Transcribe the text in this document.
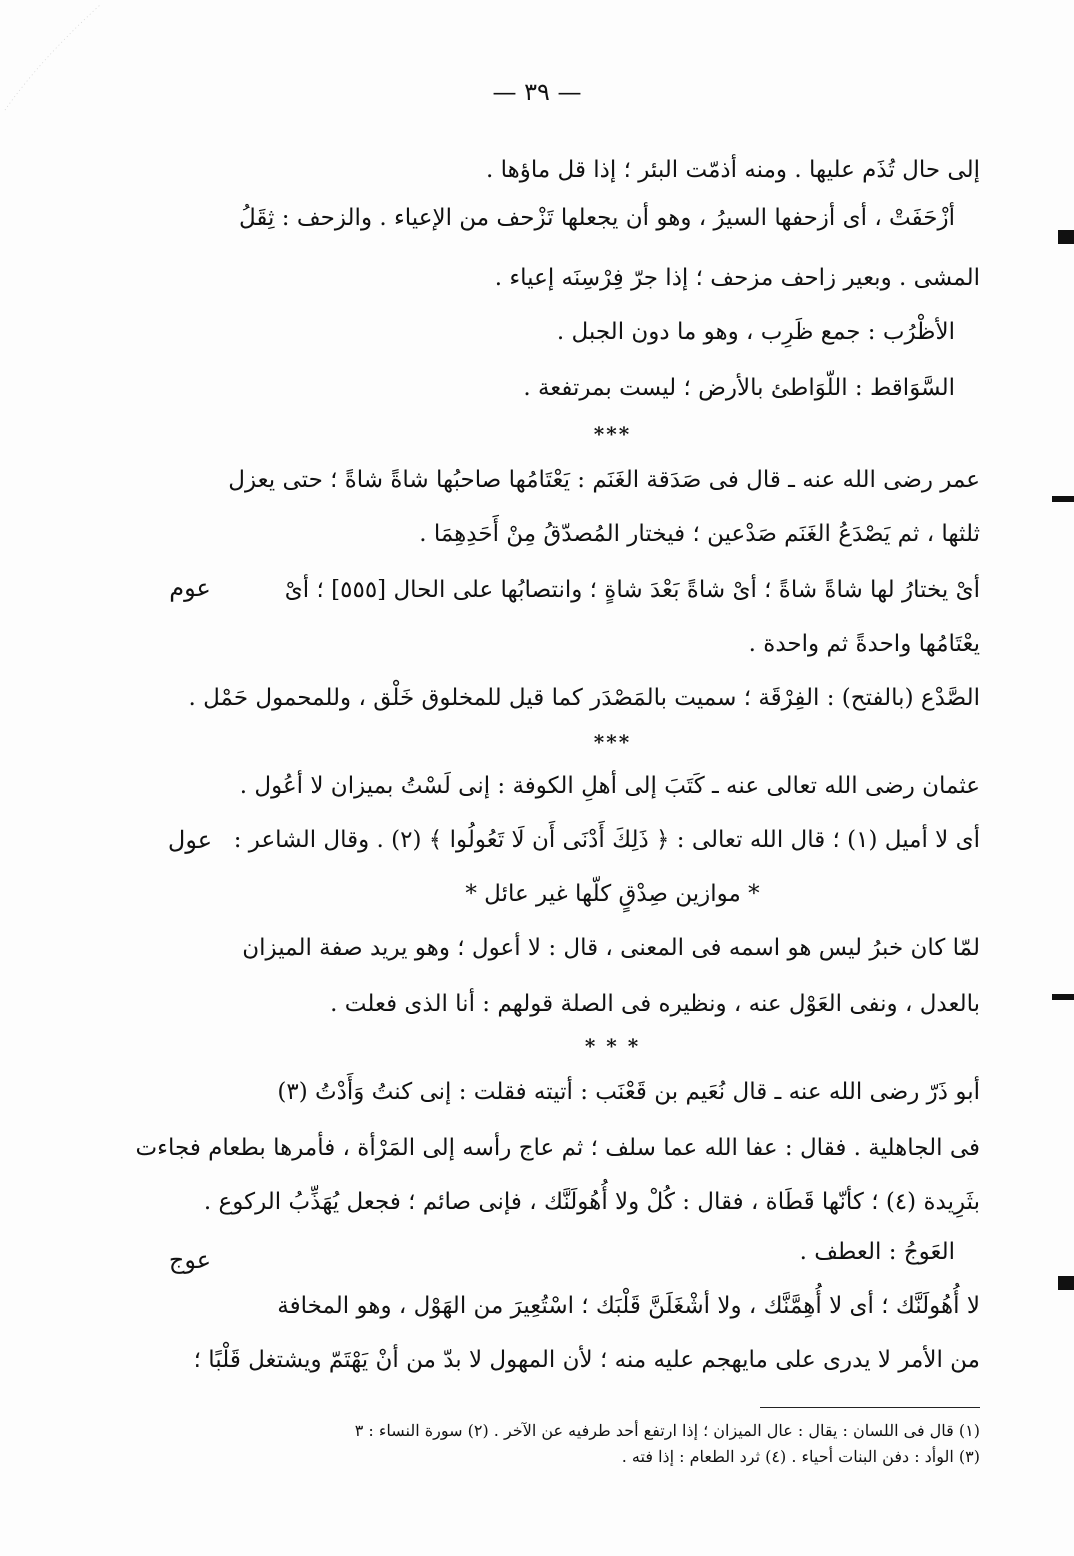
— ٣٩ —
إلى حال تُذَم عليها . ومنه أذمّت البئر ؛ إذا قل ماؤها .
أزْحَفَتْ ، أى أزحفها السيرُ ، وهو أن يجعلها تَزْحف من الإعياء . والزحف : ثِقَلُ
المشى . وبعير زاحف مزحف ؛ إذا جرّ فِرْسِنَه إعياء .
الأظْرُب : جمع ظَرِب ، وهو ما دون الجبل .
السَّوَاقط : اللّوَاطئ بالأرض ؛ ليست بمرتفعة .
***
عمر رضى الله عنه ـ قال فى صَدَقة الغَنَم : يَعْتَامُها صاحبُها شاةً شاةً ؛ حتى يعزل
ثلثها ، ثم يَصْدَعُ الغَنَم صَدْعين ؛ فيختار المُصدّقُ مِنْ أَحَدِهِمَا .
أىْ يختارُ لها شاةً شاةً ؛ أىْ شاةً بَعْدَ شاةٍ ؛ وانتصابُها على الحال [٥٥٥] ؛ أىْ
يعْتَامُها واحدةً ثم واحدة .
الصَّدْع (بالفتح) : الفِرْقَة ؛ سميت بالمَصْدَر كما قيل للمخلوق خَلْق ، وللمحمول حَمْل .
***
عثمان رضى الله تعالى عنه ـ كَتَبَ إلى أهلِ الكوفة : إنى لَسْتُ بميزان لا أعُول .
أى لا أميل (١) ؛ قال الله تعالى : ﴿ ذَلِكَ أَدْنَى أَن لَا تَعُولُوا ﴾ (٢) . وقال الشاعر :
* موازين صِدْقٍ كلّها غير عائل *
لمّا كان خبرُ ليس هو اسمه فى المعنى ، قال : لا أعول ؛ وهو يريد صفة الميزان
بالعدل ، ونفى العَوْل عنه ، ونظيره فى الصلة قولهم : أنا الذى فعلت .
* * *
أبو ذَرّ رضى الله عنه ـ قال نُعَيم بن قَعْنَب : أتيته فقلت : إنى كنتُ وَأَدْتُ (٣)
فى الجاهلية . فقال : عفا الله عما سلف ؛ ثم عاج رأسه إلى المَرْأة ، فأمرها بطعام فجاءت
بثَرِيدة (٤) ؛ كأنّها قَطَاة ، فقال : كُلْ ولا أُهُولَنَّك ، فإنى صائم ؛ فجعل يُهَذِّبُ الركوع .
العَوجُ : العطف .
لا أُهُولَنَّك ؛ أى لا أُهِمَّنَّك ، ولا أشْغَلَنَّ قَلْبَك ؛ اسْتُعِيرَ من الهَوْل ، وهو المخافة
من الأمر لا يدرى على مايهجم عليه منه ؛ لأن المهول لا بدّ من أنْ يَهْتَمّ ويشتغل قَلْبًا ؛
عوم
عول
عوج
(١) قال فى اللسان : يقال : عال الميزان ؛ إذا ارتفع أحد طرفيه عن الآخر . (٢) سورة النساء : ٣
(٣) الوأد : دفن البنات أحياء . (٤) ثرد الطعام : إذا فته .
